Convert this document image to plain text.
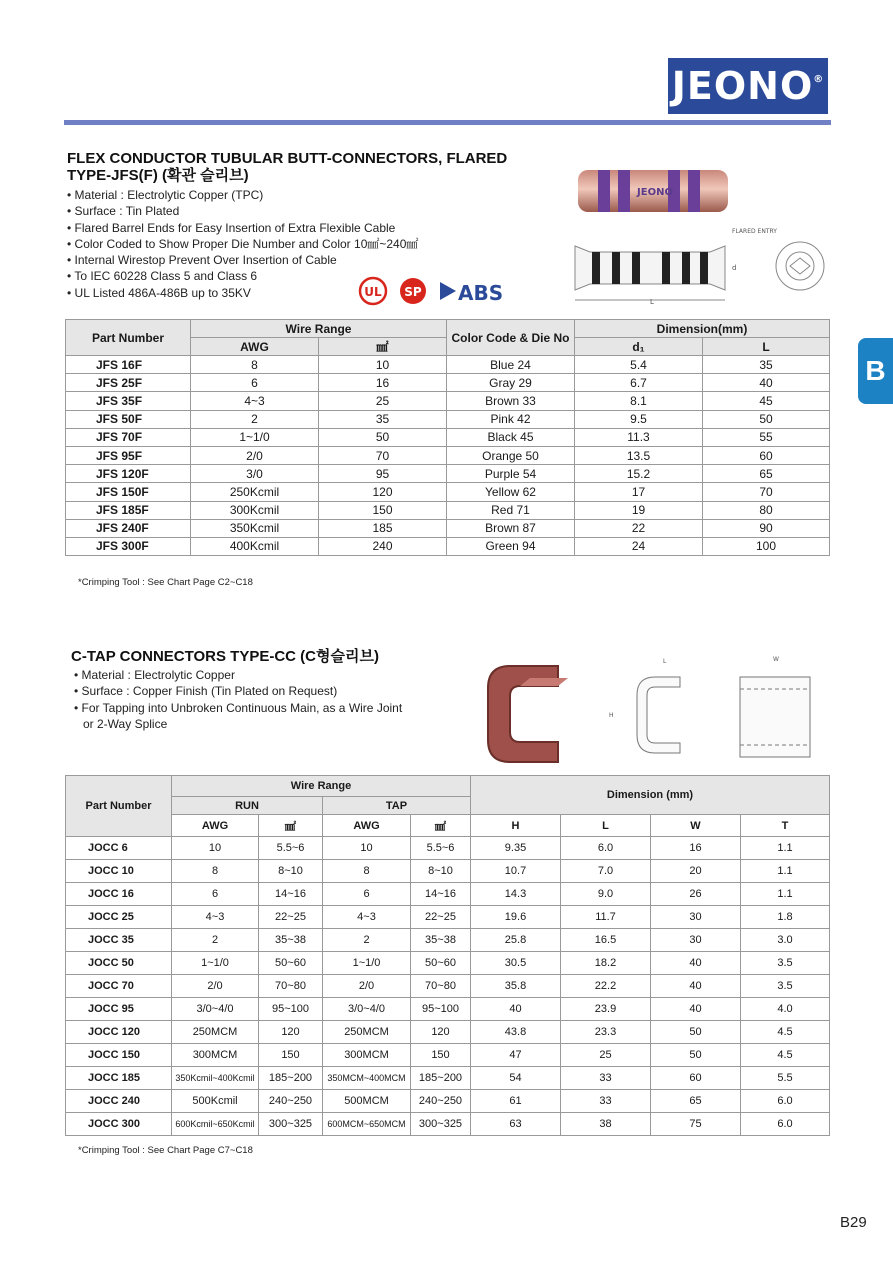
JEONO®
B
FLEX CONDUCTOR TUBULAR BUTT-CONNECTORS, FLARED
TYPE-JFS(F) (확관 슬리브)
• Material : Electrolytic Copper (TPC)
• Surface : Tin Plated
• Flared Barrel Ends for Easy Insertion of Extra Flexible Cable
• Color Coded to Show Proper Die Number and Color 10㎟~240㎟
• Internal Wirestop Prevent Over Insertion of Cable
• To IEC 60228 Class 5 and Class 6
• UL Listed 486A-486B up to 35KV	UL SP ABS
JEONO
L
d
FLARED ENTRY
Part Number	Wire Range		Color Code & Die No	Dimension(mm)	
	AWG	㎟		d₁	L
JFS 16F	8	10	Blue 24	5.4	35
JFS 25F	6	16	Gray 29	6.7	40
JFS 35F	4~3	25	Brown 33	8.1	45
JFS 50F	2	35	Pink 42	9.5	50
JFS 70F	1~1/0	50	Black 45	11.3	55
JFS 95F	2/0	70	Orange 50	13.5	60
JFS 120F	3/0	95	Purple 54	15.2	65
JFS 150F	250Kcmil	120	Yellow 62	17	70
JFS 185F	300Kcmil	150	Red 71	19	80
JFS 240F	350Kcmil	185	Brown 87	22	90
JFS 300F	400Kcmil	240	Green 94	24	100
*Crimping Tool : See Chart Page C2~C18
C-TAP CONNECTORS TYPE-CC (C형슬리브)
• Material : Electrolytic Copper
• Surface : Copper Finish (Tin Plated on Request)
• For Tapping into Unbroken Continuous Main, as a Wire Joint
or 2-Way Splice
L
H
W
Part Number	Wire Range				Dimension (mm)			
	RUN		TAP					
	AWG	㎟	AWG	㎟	H	L	W	T
JOCC 6	10	5.5~6	10	5.5~6	9.35	6.0	16	1.1
JOCC 10	8	8~10	8	8~10	10.7	7.0	20	1.1
JOCC 16	6	14~16	6	14~16	14.3	9.0	26	1.1
JOCC 25	4~3	22~25	4~3	22~25	19.6	11.7	30	1.8
JOCC 35	2	35~38	2	35~38	25.8	16.5	30	3.0
JOCC 50	1~1/0	50~60	1~1/0	50~60	30.5	18.2	40	3.5
JOCC 70	2/0	70~80	2/0	70~80	35.8	22.2	40	3.5
JOCC 95	3/0~4/0	95~100	3/0~4/0	95~100	40	23.9	40	4.0
JOCC 120	250MCM	120	250MCM	120	43.8	23.3	50	4.5
JOCC 150	300MCM	150	300MCM	150	47	25	50	4.5
JOCC 185	350Kcmil~400Kcmil	185~200	350MCM~400MCM	185~200	54	33	60	5.5
JOCC 240	500Kcmil	240~250	500MCM	240~250	61	33	65	6.0
JOCC 300	600Kcmil~650Kcmil	300~325	600MCM~650MCM	300~325	63	38	75	6.0
*Crimping Tool : See Chart Page C7~C18
B29
